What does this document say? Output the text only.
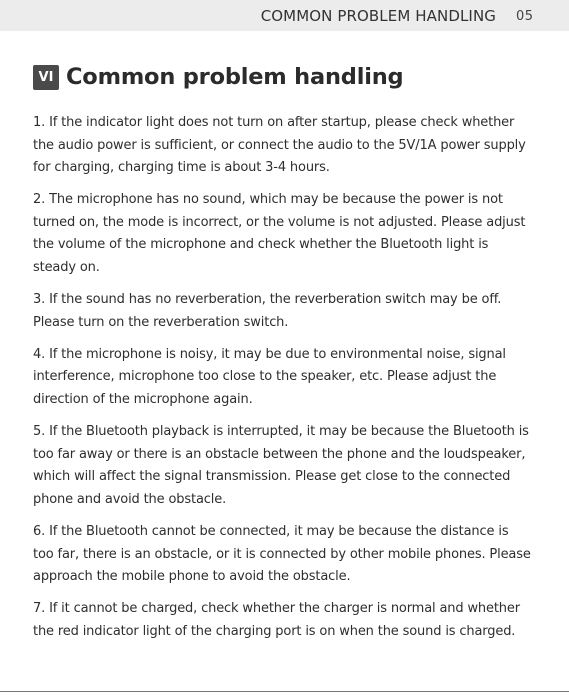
COMMON PROBLEM HANDLING 05
VI Common problem handling

1. If the indicator light does not turn on after startup, please check whether the audio power is sufficient, or connect the audio to the 5V/1A power supply for charging, charging time is about 3-4 hours.

2. The microphone has no sound, which may be because the power is not turned on, the mode is incorrect, or the volume is not adjusted. Please adjust the volume of the microphone and check whether the Bluetooth light is steady on.

3. If the sound has no reverberation, the reverberation switch may be off. Please turn on the reverberation switch.

4. If the microphone is noisy, it may be due to environmental noise, signal interference, microphone too close to the speaker, etc. Please adjust the direction of the microphone again.

5. If the Bluetooth playback is interrupted, it may be because the Bluetooth is too far away or there is an obstacle between the phone and the loudspeaker, which will affect the signal transmission. Please get close to the connected phone and avoid the obstacle.

6. If the Bluetooth cannot be connected, it may be because the distance is too far, there is an obstacle, or it is connected by other mobile phones. Please approach the mobile phone to avoid the obstacle.

7. If it cannot be charged, check whether the charger is normal and whether the red indicator light of the charging port is on when the sound is charged.
